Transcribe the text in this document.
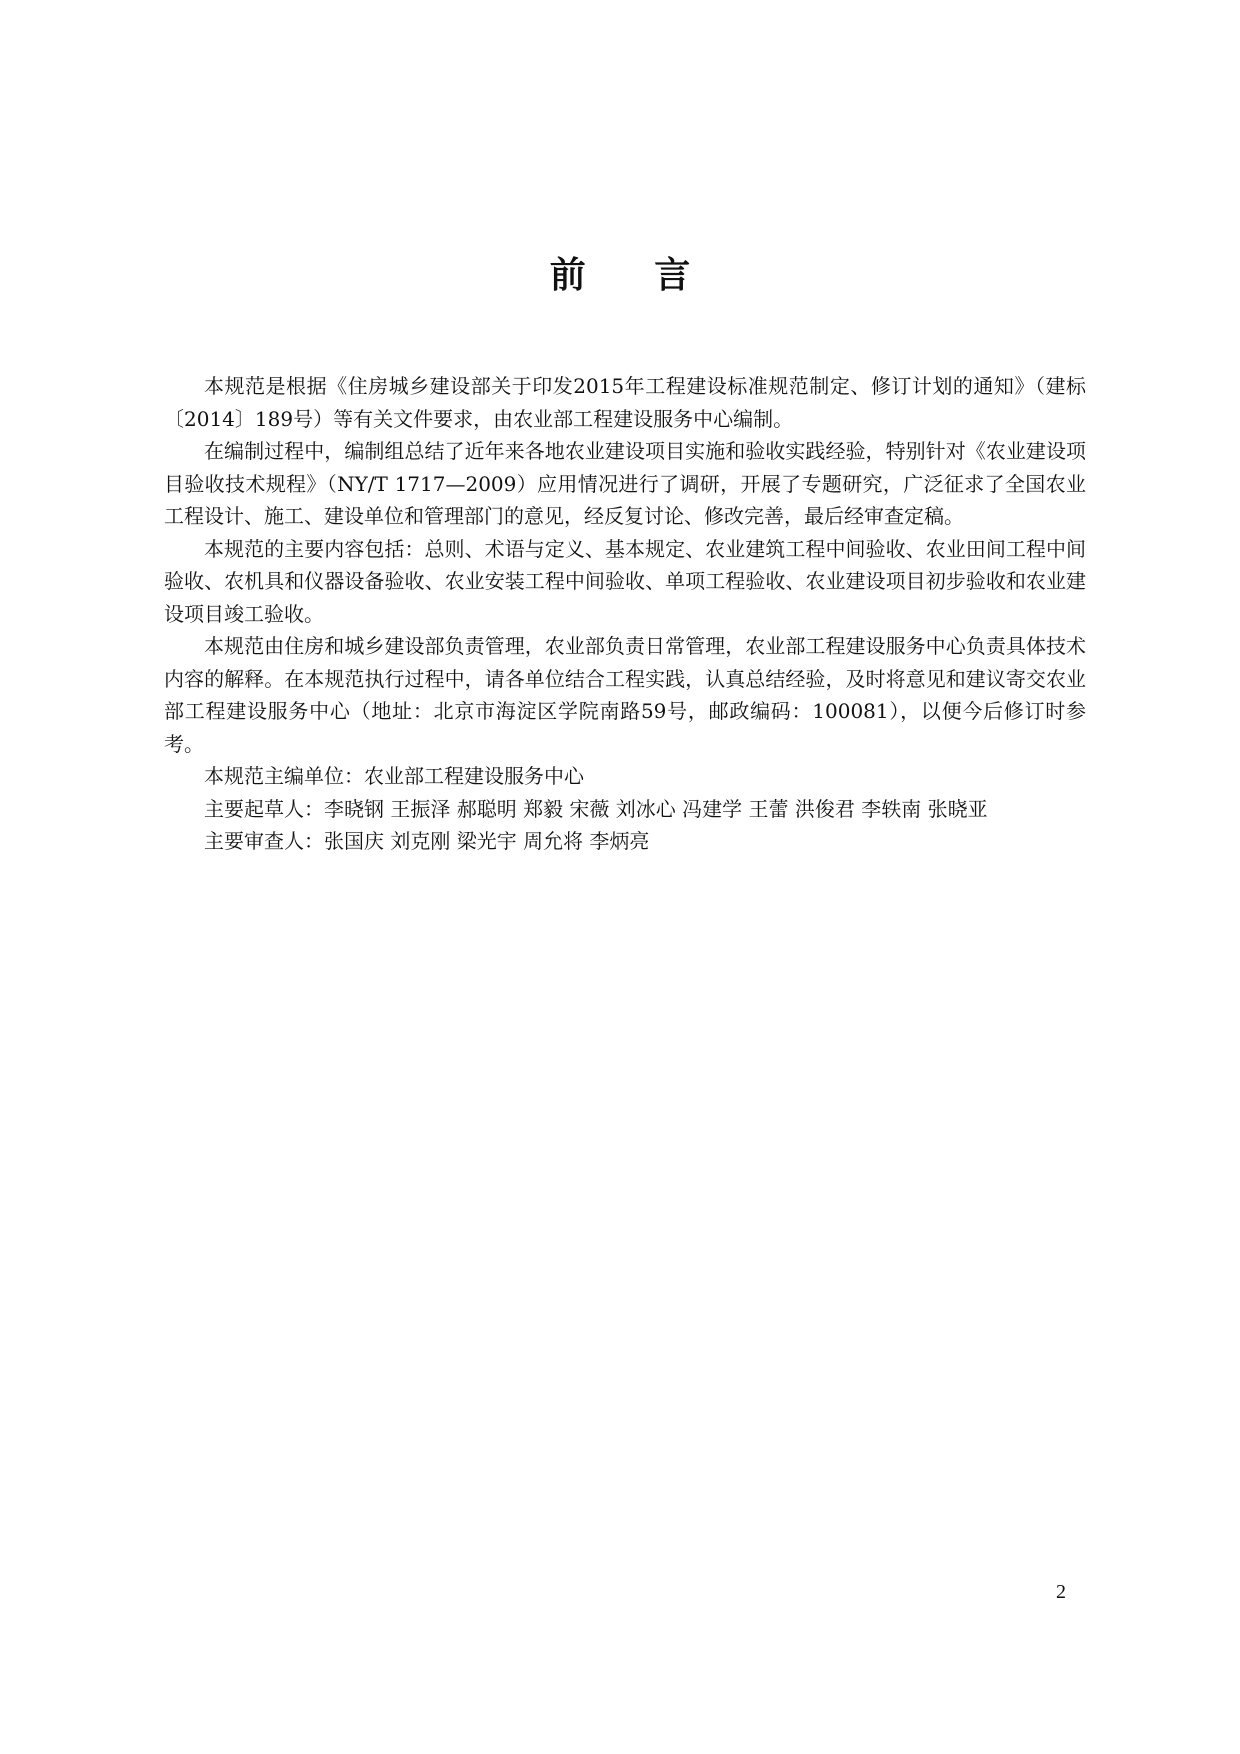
前 言

本规范是根据《住房城乡建设部关于印发2015年工程建设标准规范制定、修订计划的通知》（建标〔2014〕189号）等有关文件要求，由农业部工程建设服务中心编制。

在编制过程中，编制组总结了近年来各地农业建设项目实施和验收实践经验，特别针对《农业建设项目验收技术规程》（NY/T 1717—2009）应用情况进行了调研，开展了专题研究，广泛征求了全国农业工程设计、施工、建设单位和管理部门的意见，经反复讨论、修改完善，最后经审查定稿。

本规范的主要内容包括：总则、术语与定义、基本规定、农业建筑工程中间验收、农业田间工程中间验收、农机具和仪器设备验收、农业安装工程中间验收、单项工程验收、农业建设项目初步验收和农业建设项目竣工验收。

本规范由住房和城乡建设部负责管理，农业部负责日常管理，农业部工程建设服务中心负责具体技术内容的解释。在本规范执行过程中，请各单位结合工程实践，认真总结经验，及时将意见和建议寄交农业部工程建设服务中心（地址：北京市海淀区学院南路59号，邮政编码：100081），以便今后修订时参考。

本规范主编单位：农业部工程建设服务中心

主要起草人：李晓钢 王振泽 郝聪明 郑毅 宋薇 刘冰心 冯建学 王蕾 洪俊君 李轶南 张晓亚

主要审查人：张国庆 刘克刚 梁光宇 周允将 李炳亮

2
